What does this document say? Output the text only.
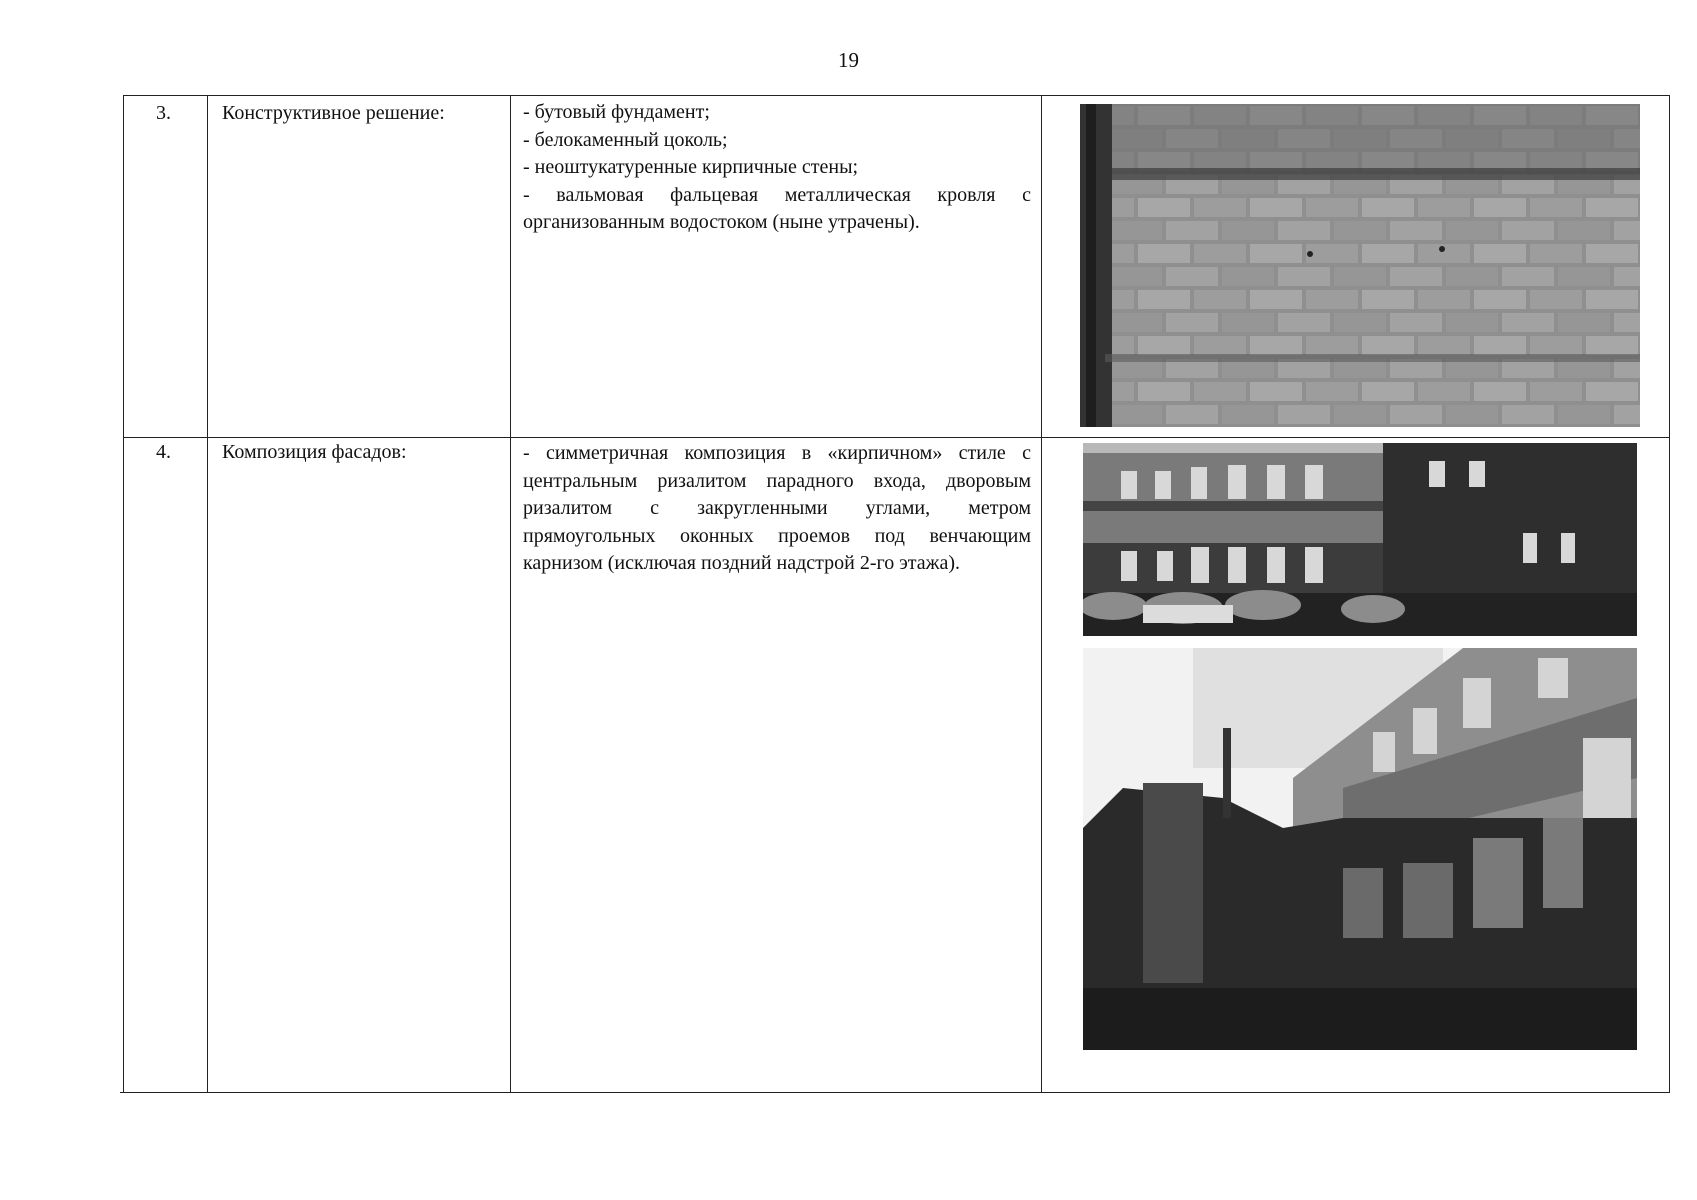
19
3.	Конструктивное решение:	- бутовый фундамент;

- белокаменный цоколь;

- неоштукатуренные кирпичные стены;

- вальмовая фальцевая металлическая кровля с организованным водостоком (ныне утрачены).

4.	Композиция фасадов:	- симметричная композиция в «кирпичном» стиле с центральным ризалитом парадного входа, дворовым ризалитом с закругленными углами, метром прямоугольных оконных проемов под венчающим карнизом (исключая поздний надстрой 2-го этажа).
